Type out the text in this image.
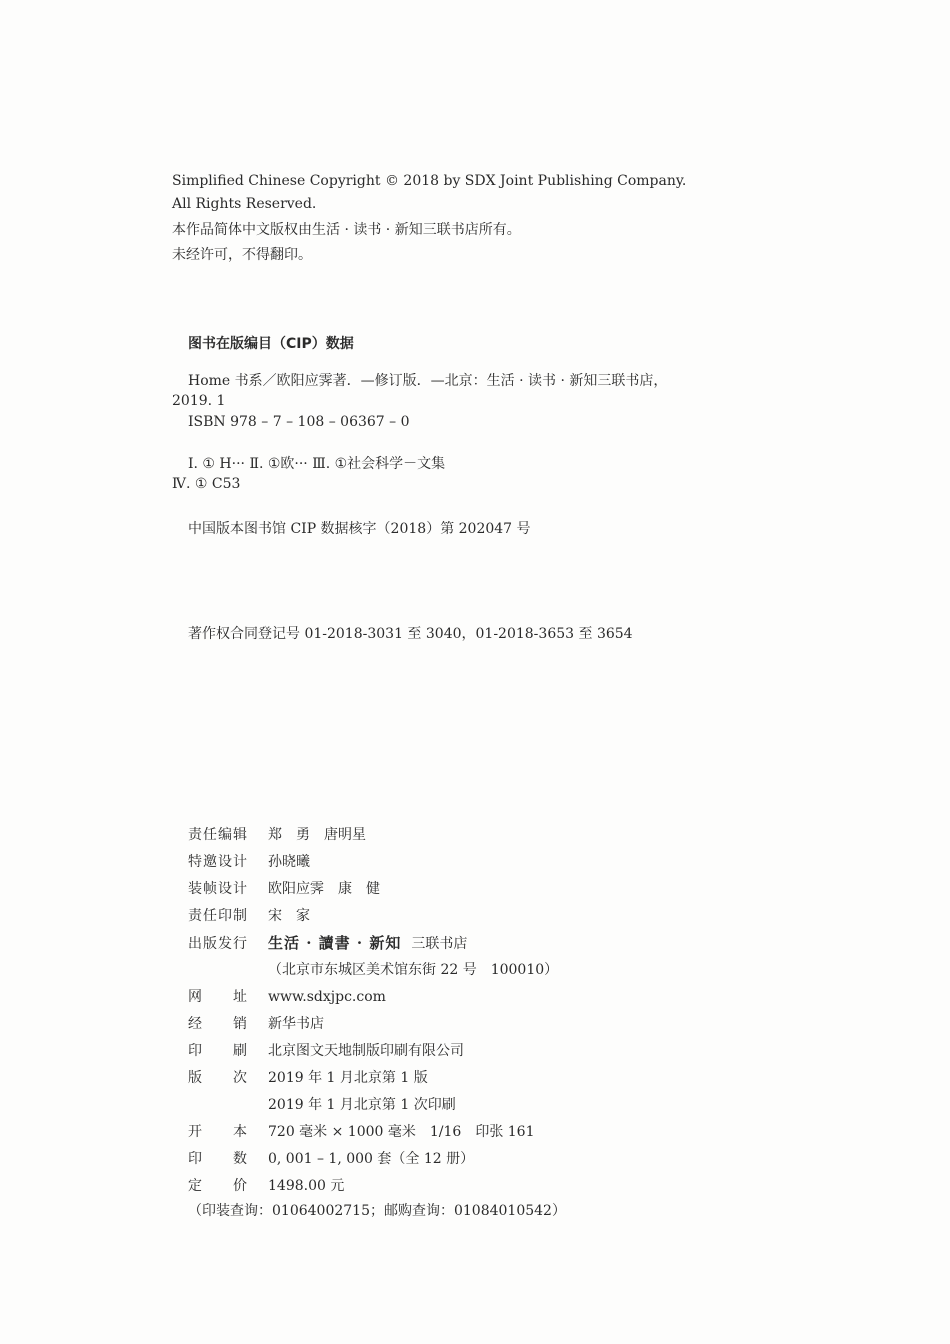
Simplified Chinese Copyright © 2018 by SDX Joint Publishing Company.
All Rights Reserved.
本作品简体中文版权由生活 · 读书 · 新知三联书店所有。
未经许可，不得翻印。
图书在版编目（CIP）数据
Home 书系／欧阳应霁著．—修订版．—北京：生活 · 读书 · 新知三联书店，
2019. 1
ISBN 978 – 7 – 108 – 06367 – 0
Ⅰ. ① H··· Ⅱ. ①欧··· Ⅲ. ①社会科学－文集
Ⅳ. ① C53
中国版本图书馆 CIP 数据核字（2018）第 202047 号
著作权合同登记号 01-2018-3031 至 3040，01-2018-3653 至 3654
责任编辑 郑　勇　唐明星
特邀设计 孙晓曦
装帧设计 欧阳应霁　康　健
责任印制 宋　家
出版发行 生活 · 讀書 · 新知 三联书店
（北京市东城区美术馆东街 22 号　100010）
网　　址 www.sdxjpc.com
经　　销 新华书店
印　　刷 北京图文天地制版印刷有限公司
版　　次 2019 年 1 月北京第 1 版
2019 年 1 月北京第 1 次印刷
开　　本 720 毫米 × 1000 毫米　1/16　印张 161
印　　数 0, 001 – 1, 000 套（全 12 册）
定　　价 1498.00 元
（印装查询：01064002715；邮购查询：01084010542）
